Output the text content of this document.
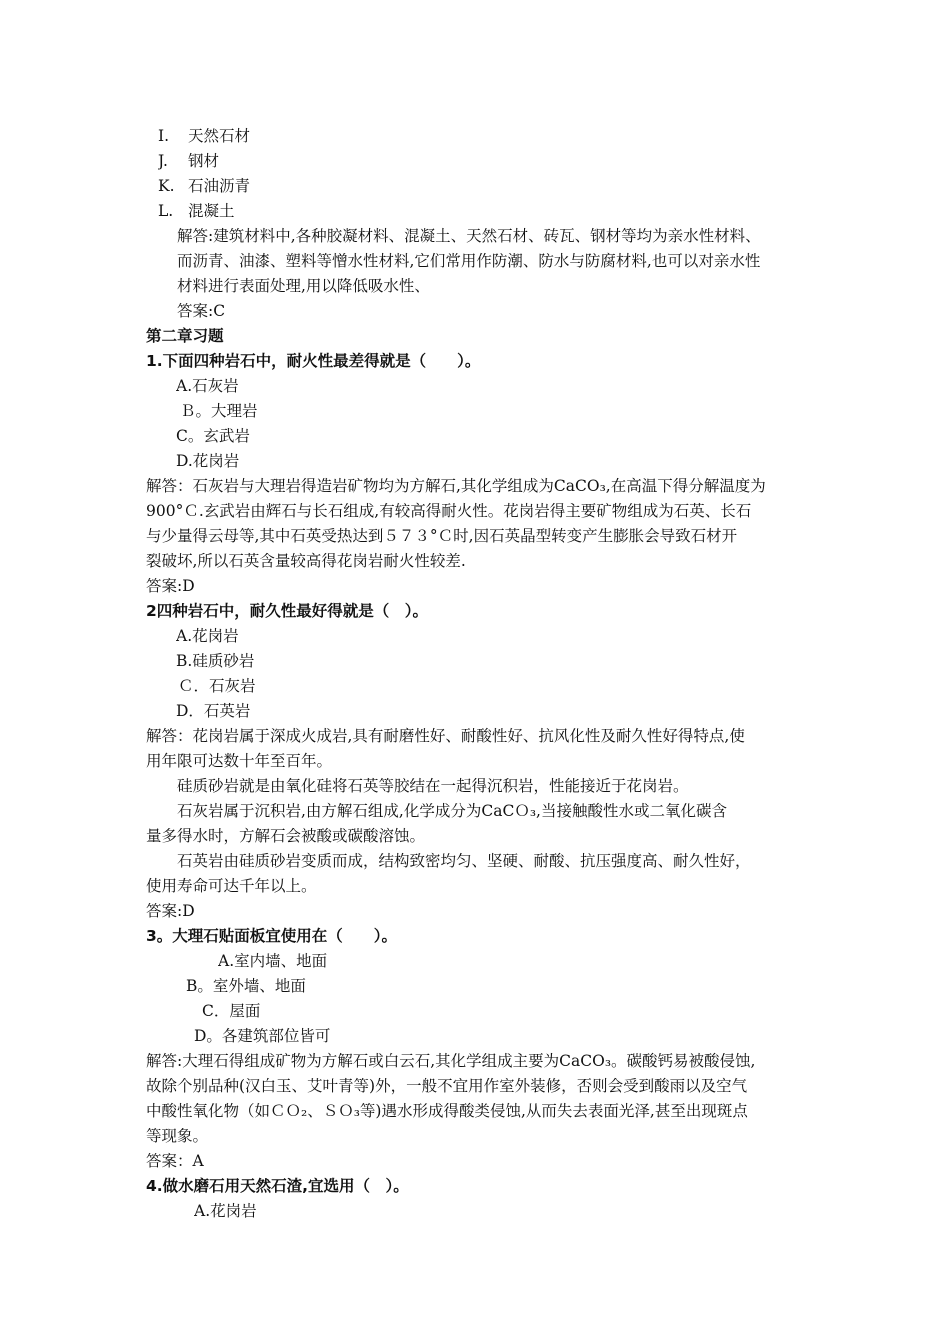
I. 天然石材
J. 钢材
K. 石油沥青
L. 混凝土
解答:建筑材料中,各种胶凝材料、混凝土、天然石材、砖瓦、钢材等均为亲水性材料、
而沥青、油漆、塑料等憎水性材料,它们常用作防潮、防水与防腐材料,也可以对亲水性
材料进行表面处理,用以降低吸水性、
答案:C
第二章习题
1.下面四种岩石中，耐火性最差得就是（　　）。
A.石灰岩
Ｂ。大理岩
C。玄武岩
D.花岗岩
解答：石灰岩与大理岩得造岩矿物均为方解石,其化学组成为CaCO₃,在高温下得分解温度为
900°Ｃ.玄武岩由辉石与长石组成,有较高得耐火性。花岗岩得主要矿物组成为石英、长石
与少量得云母等,其中石英受热达到５７３°Ｃ时,因石英晶型转变产生膨胀会导致石材开
裂破坏,所以石英含量较高得花岗岩耐火性较差.
答案:D
2四种岩石中，耐久性最好得就是（　）。
A.花岗岩
B.硅质砂岩
Ｃ．石灰岩
D．石英岩
解答：花岗岩属于深成火成岩,具有耐磨性好、耐酸性好、抗风化性及耐久性好得特点,使
用年限可达数十年至百年。
　　硅质砂岩就是由氧化硅将石英等胶结在一起得沉积岩，性能接近于花岗岩。
　　石灰岩属于沉积岩,由方解石组成,化学成分为CaCＯ₃,当接触酸性水或二氧化碳含
量多得水时，方解石会被酸或碳酸溶蚀。
　　石英岩由硅质砂岩变质而成，结构致密均匀、坚硬、耐酸、抗压强度高、耐久性好，
使用寿命可达千年以上。
答案:D
3。大理石贴面板宜使用在（　　）。
A.室内墙、地面
B。室外墙、地面
C．屋面
D。各建筑部位皆可
解答:大理石得组成矿物为方解石或白云石,其化学组成主要为CaCO₃。碳酸钙易被酸侵蚀,
故除个别品种(汉白玉、艾叶青等)外，一般不宜用作室外装修，否则会受到酸雨以及空气
中酸性氧化物（如ＣＯ₂、ＳＯ₃等)遇水形成得酸类侵蚀,从而失去表面光泽,甚至出现斑点
等现象。
答案：A
4.做水磨石用天然石渣,宜选用（　）。
A.花岗岩
